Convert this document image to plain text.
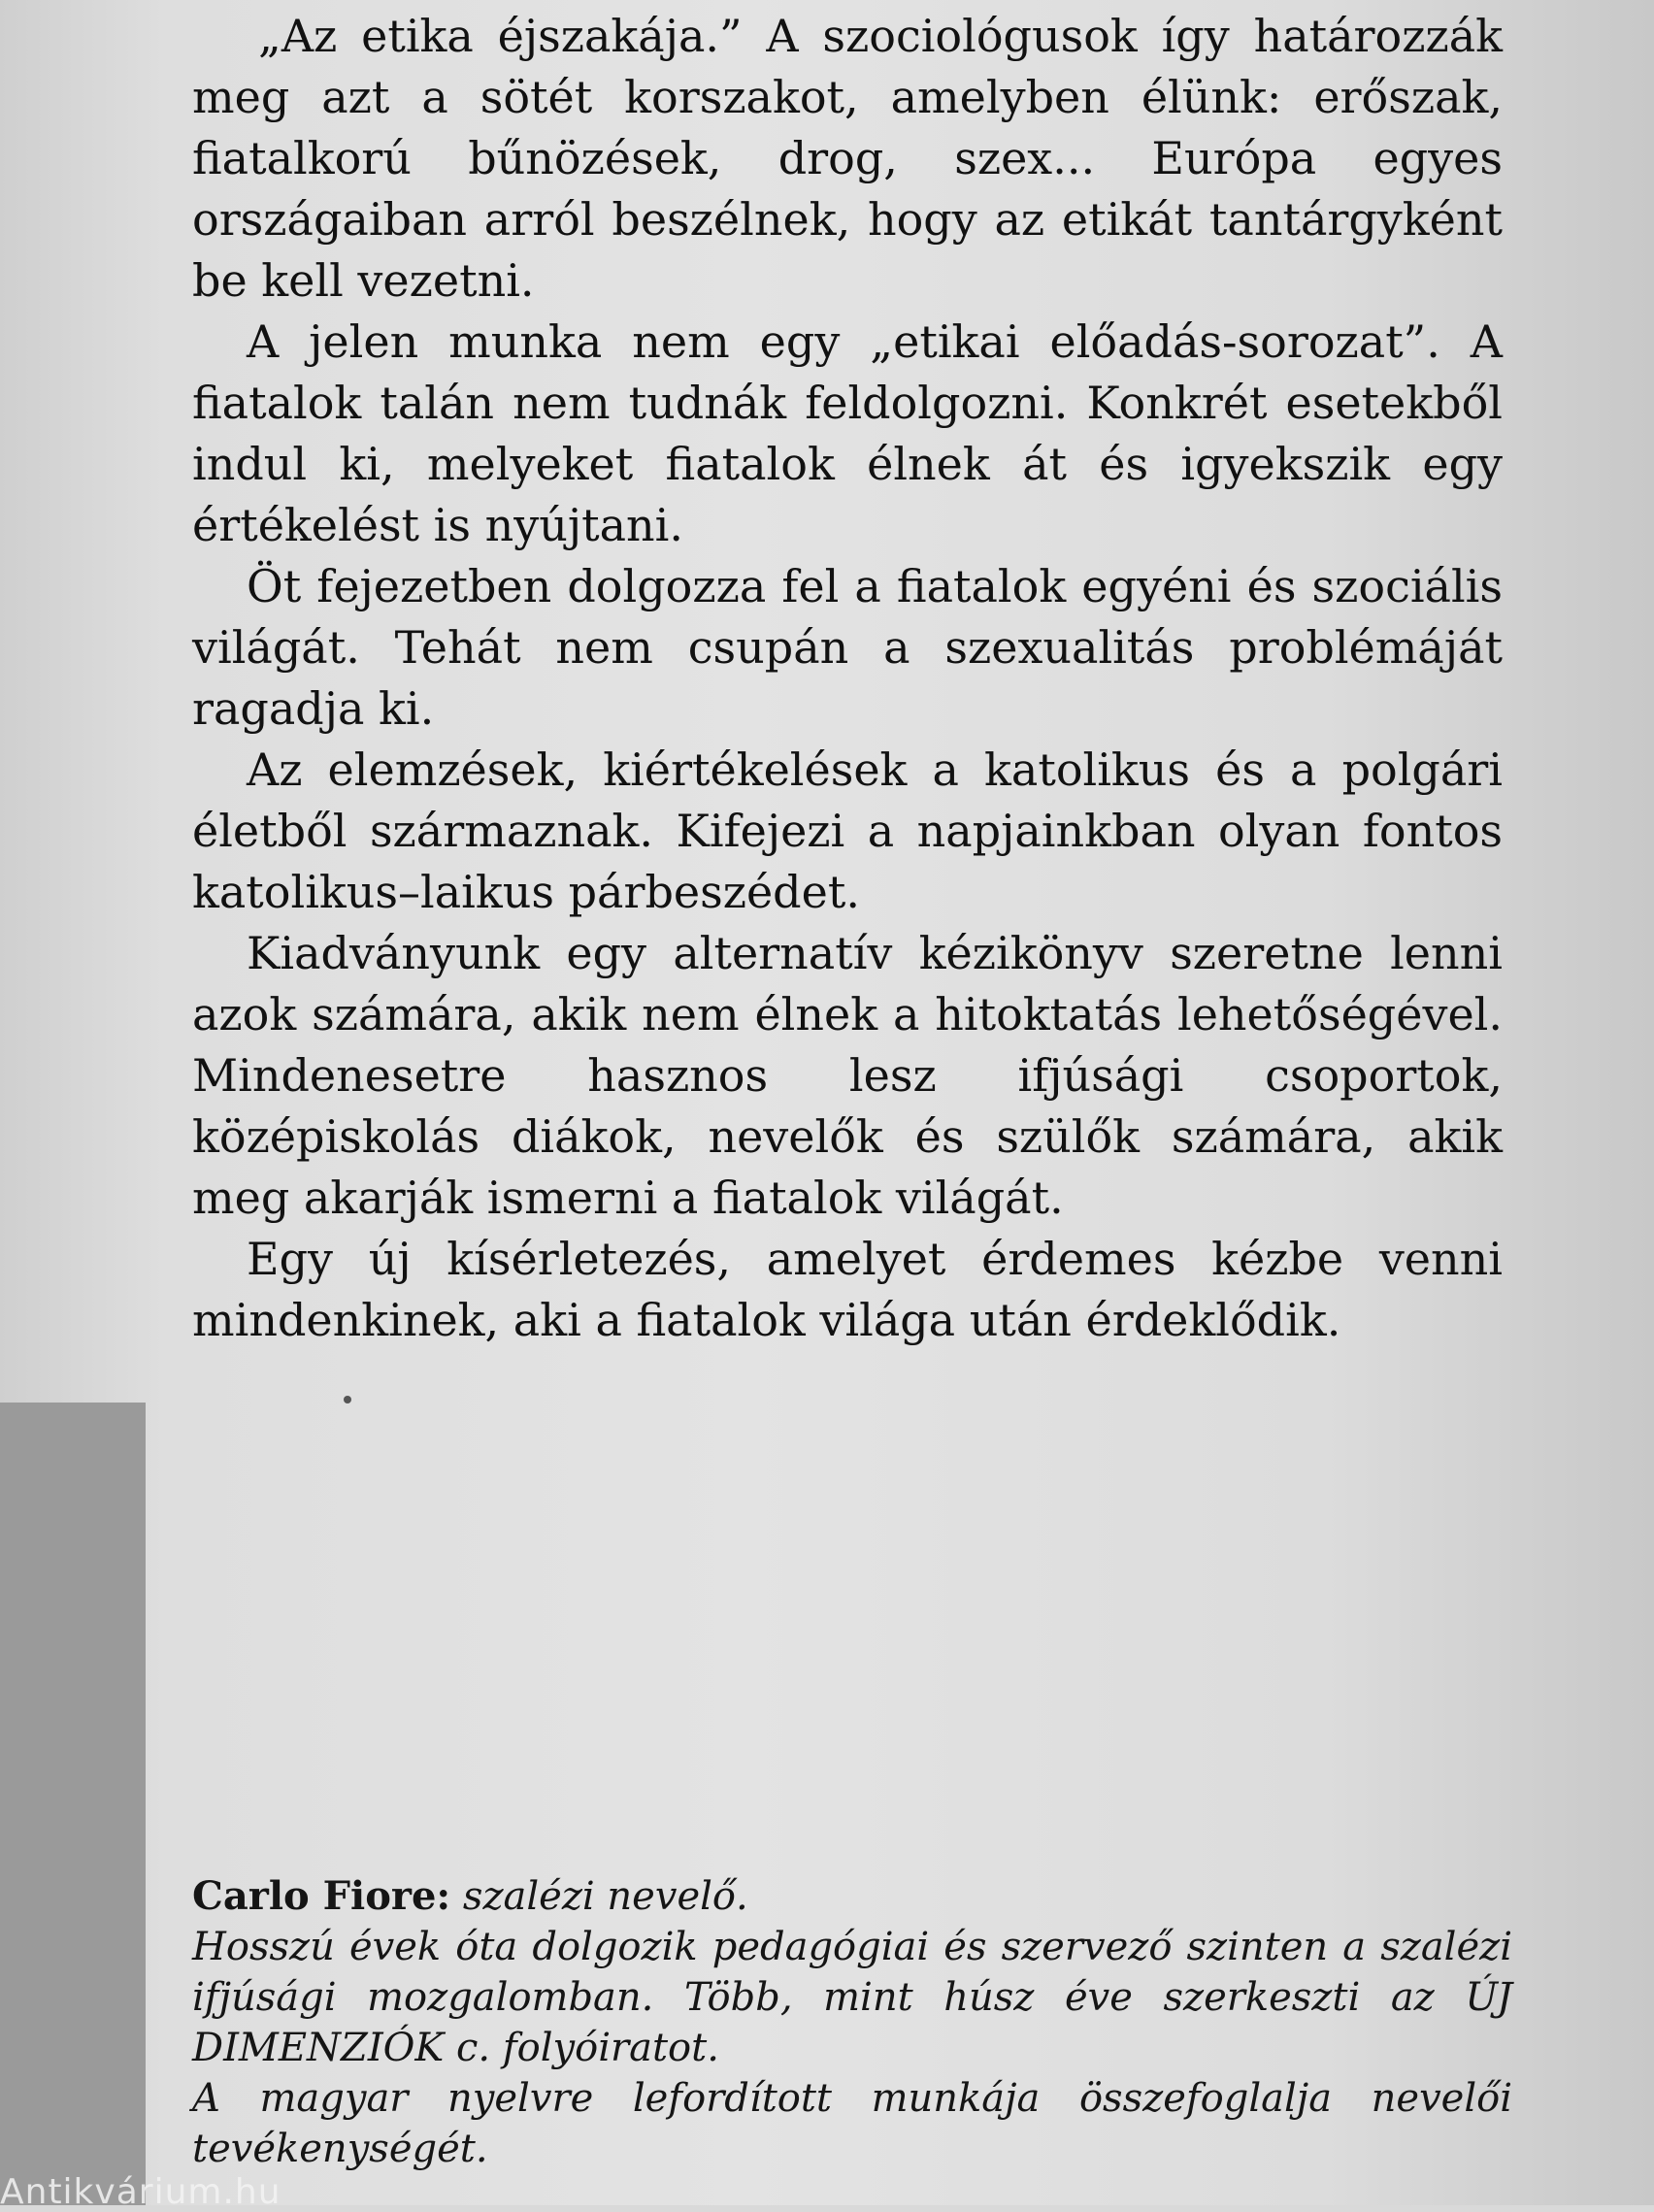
„Az etika éjszakája.” A szociológusok így határozzák meg azt a sötét korszakot, amelyben élünk: erőszak, fiatalkorú bűnözések, drog, szex... Európa egyes országaiban arról beszélnek, hogy az etikát tantárgyként be kell vezetni.

A jelen munka nem egy „etikai előadás-sorozat”. A fiatalok talán nem tudnák feldolgozni. Konkrét esetekből indul ki, melyeket fiatalok élnek át és igyekszik egy értékelést is nyújtani.

Öt fejezetben dolgozza fel a fiatalok egyéni és szociális világát. Tehát nem csupán a szexualitás problémáját ragadja ki.

Az elemzések, kiértékelések a katolikus és a polgári életből származnak. Kifejezi a napjainkban olyan fontos katolikus–laikus párbeszédet.

Kiadványunk egy alternatív kézikönyv szeretne lenni azok számára, akik nem élnek a hitoktatás lehetőségével. Mindenesetre hasznos lesz ifjúsági csoportok, középiskolás diákok, nevelők és szülők számára, akik meg akarják ismerni a fiatalok világát.

Egy új kísérletezés, amelyet érdemes kézbe venni mindenkinek, aki a fiatalok világa után érdeklődik.

Carlo Fiore: szalézi nevelő.

Hosszú évek óta dolgozik pedagógiai és szervező szinten a szalézi ifjúsági mozgalomban. Több, mint húsz éve szerkeszti az ÚJ DIMENZIÓK c. folyóiratot.

A magyar nyelvre lefordított munkája összefoglalja nevelői tevékenységét.

Antikvárium.hu
